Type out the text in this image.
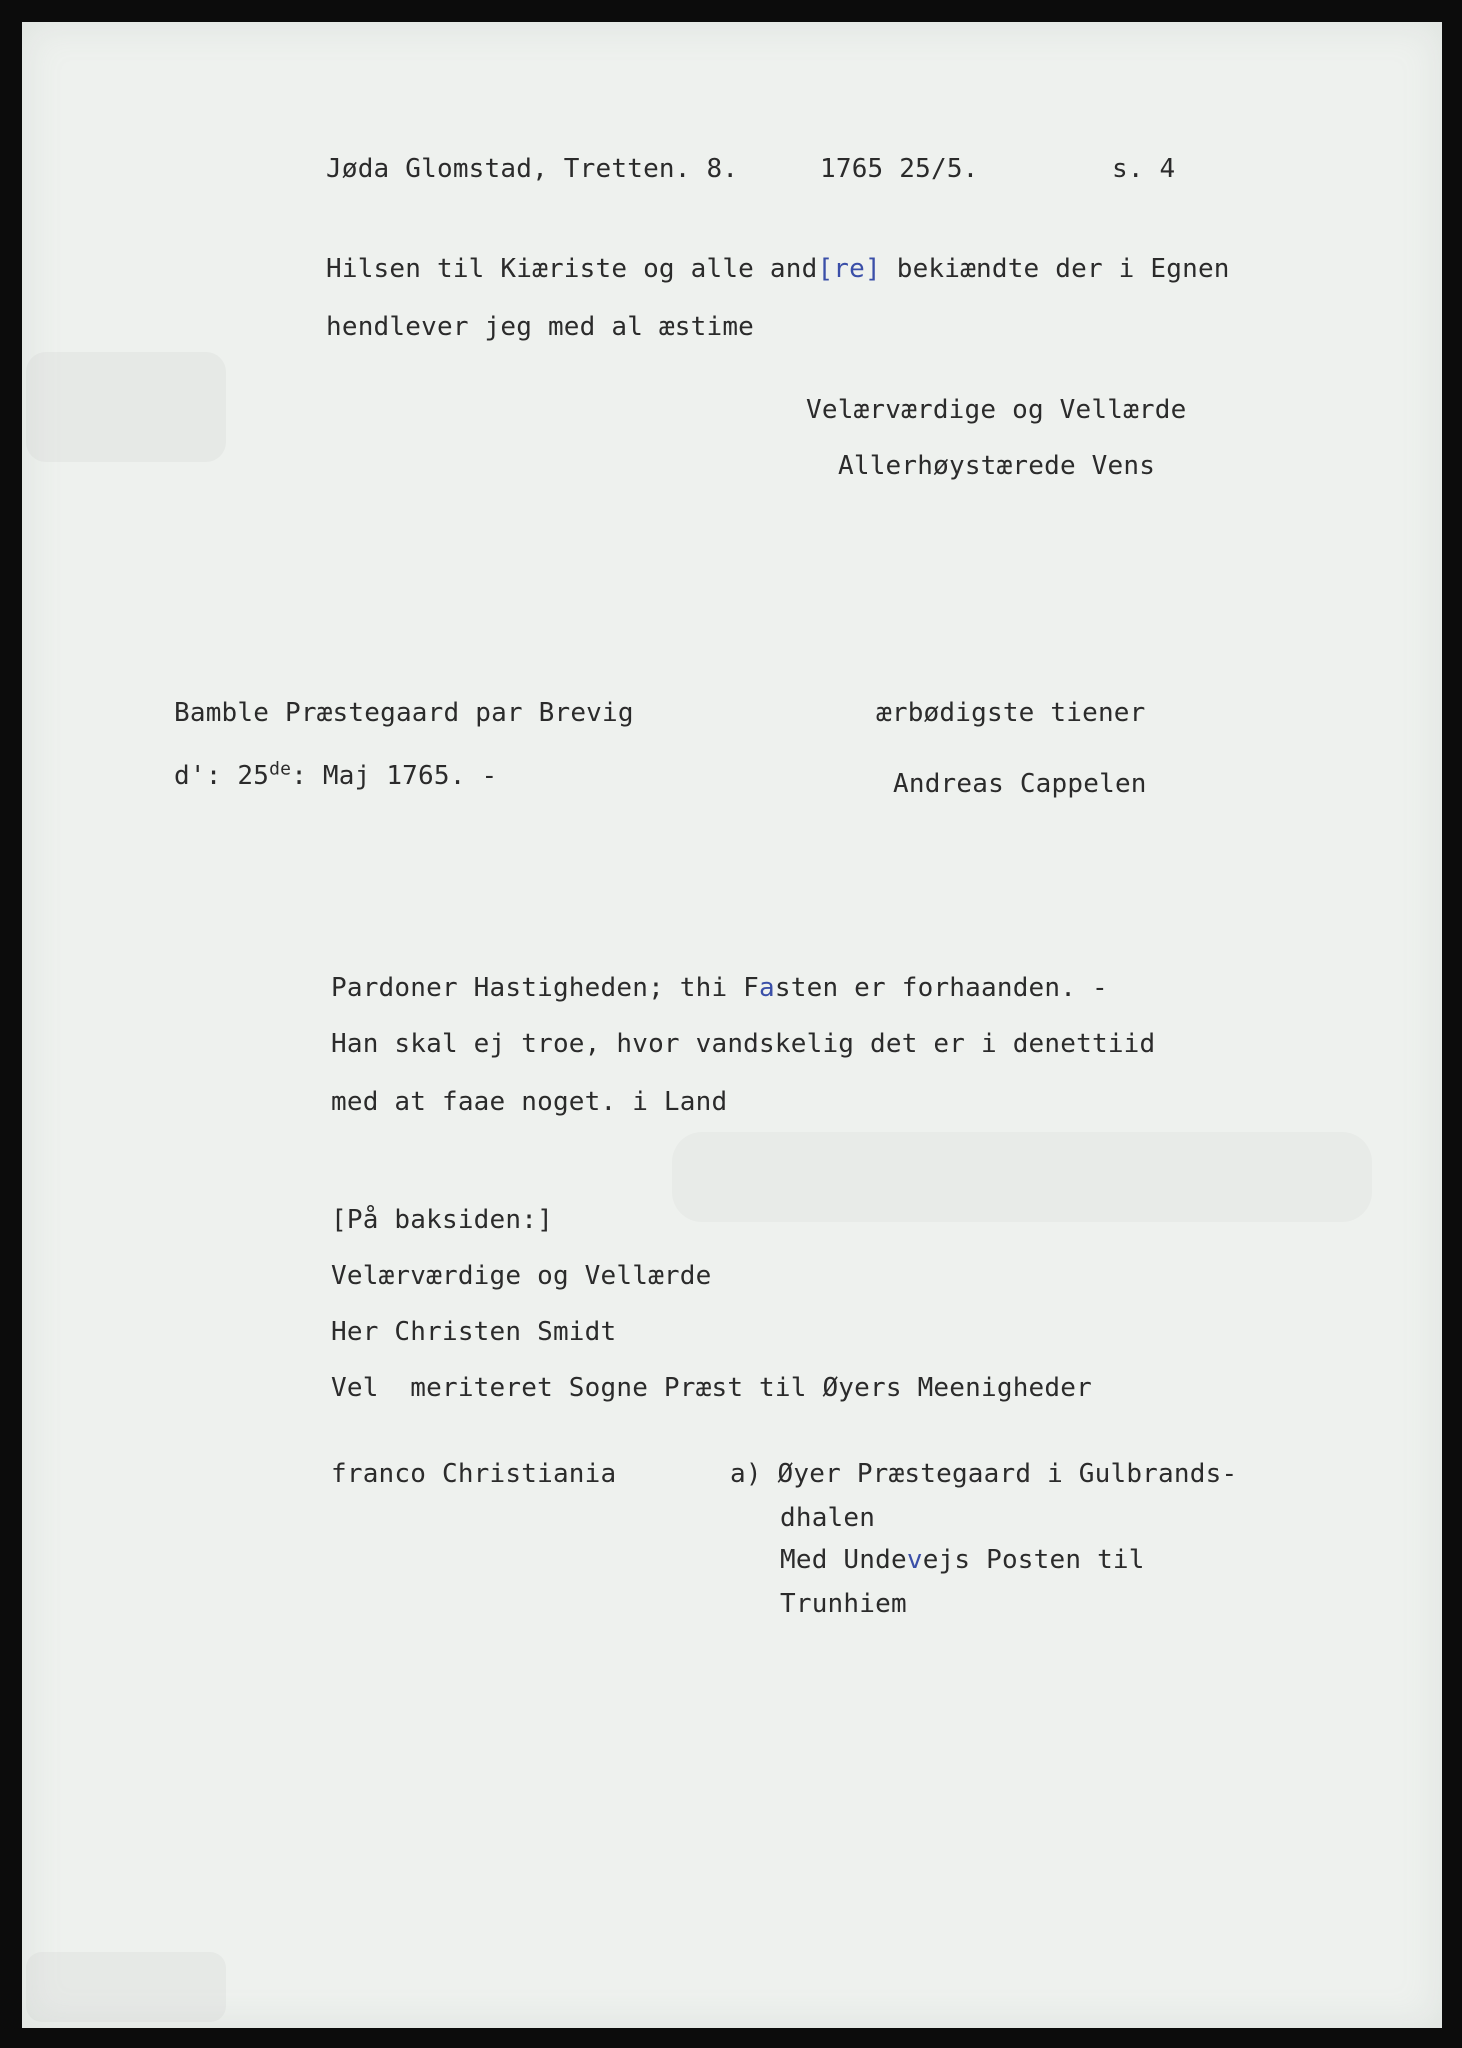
Jøda Glomstad, Tretten. 8.	1765 25/5.	s. 4
Hilsen til Kiæriste og alle and[re] bekiændte der i Egnen
hendlever jeg med al æstime
Velærværdige og Vellærde
Allerhøystærede Vens
Bamble Præstegaard par Brevig
d': 25de: Maj 1765. -
ærbødigste tiener
Andreas Cappelen
Pardoner Hastigheden; thi Fasten er forhaanden. -
Han skal ej troe, hvor vandskelig det er i denettiid
med at faae noget. i Land
[På baksiden:]
Velærværdige og Vellærde
Her Christen Smidt
Vel  meriteret Sogne Præst til Øyers Meenigheder
franco Christiania	a) Øyer Præstegaard i Gulbrands-
dhalen
Med Undevejs Posten til
Trunhiem
